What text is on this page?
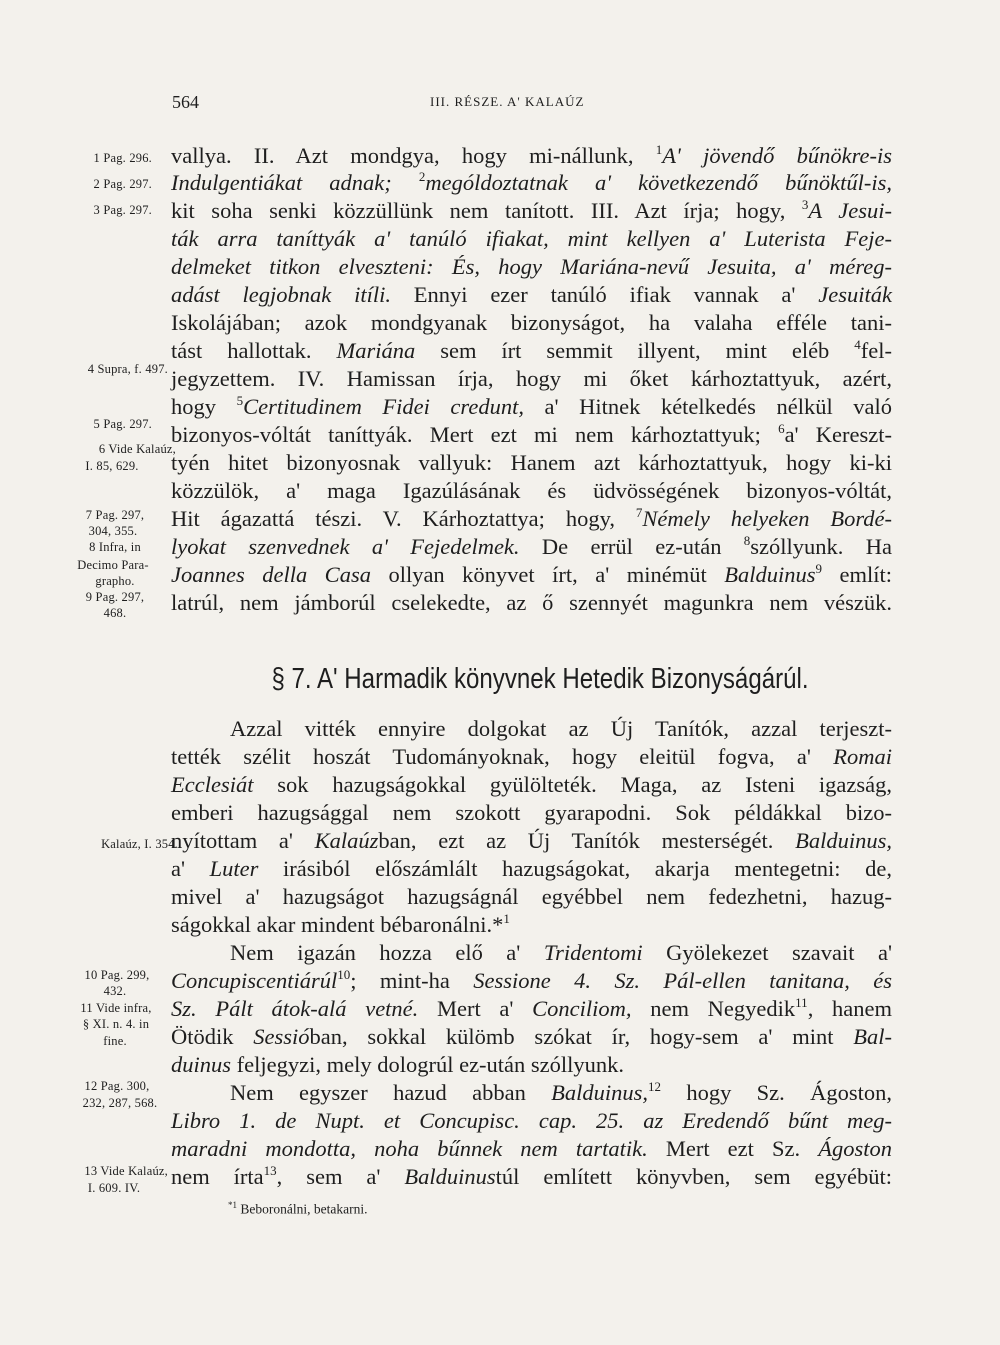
564	III. RÉSZE. A' KALAÚZ
1 Pag. 296.
2 Pag. 297.
3 Pag. 297.
4 Supra, f. 497.
5 Pag. 297.
6 Vide Kalaúz,
I. 85, 629.
7 Pag. 297,
304, 355.
8 Infra, in
Decimo Para-
grapho.
9 Pag. 297,
468.
Kalaúz, I. 354.
10 Pag. 299,
432.
11 Vide infra,
§ XI. n. 4. in
fine.
12 Pag. 300,
232, 287, 568.
13 Vide Kalaúz,
I. 609. IV.
vallya. II. Azt mondgya, hogy mi-nállunk, $^1$A' jövendő bűnökre-is
Indulgentiákat adnak; $^2$mególdoztatnak a' következendő bűnöktűl-is,
kit soha senki közzüllünk nem tanított. III. Azt írja; hogy, $^3$A Jesui-
ták arra taníttyák a' tanúló ifiakat, mint kellyen a' Luterista Feje-
delmeket titkon elveszteni: És, hogy Mariána-nevű Jesuita, a' méreg-
adást legjobnak itíli. Ennyi ezer tanúló ifiak vannak a' Jesuiták
Iskolájában; azok mondgyanak bizonyságot, ha valaha efféle tani-
tást hallottak. Mariána sem írt semmit illyent, mint eléb $^4$fel-
jegyzettem. IV. Hamissan írja, hogy mi őket kárhoztattyuk, azért,
hogy $^5$Certitudinem Fidei credunt, a' Hitnek kételkedés nélkül való
bizonyos-vóltát taníttyák. Mert ezt mi nem kárhoztattyuk; $^6$a' Kereszt-
tyén hitet bizonyosnak vallyuk: Hanem azt kárhoztattyuk, hogy ki-ki
közzülök, a' maga Igazúlásának és üdvösségének bizonyos-vóltát,
Hit ágazattá tészi. V. Kárhoztattya; hogy, $^7$Némely helyeken Bordé-
lyokat szenvednek a' Fejedelmek. De errül ez-után $^8$szóllyunk. Ha
Joannes della Casa ollyan könyvet írt, a' minémüt Balduinus$^9$ említ:
latrúl, nem jámborúl cselekedte, az ő szennyét magunkra nem vészük.
§ 7. A' Harmadik könyvnek Hetedik Bizonyságárúl.
Azzal vitték ennyire dolgokat az Új Tanítók, azzal terjeszt-
tették szélit hoszát Tudományoknak, hogy eleitül fogva, a' Romai
Ecclesiát sok hazugságokkal gyülölteték. Maga, az Isteni igazság,
emberi hazugsággal nem szokott gyarapodni. Sok példákkal bizo-
nyítottam a' Kalaúzban, ezt az Új Tanítók mesterségét. Balduinus,
a' Luter irásiból előszámlált hazugságokat, akarja mentegetni: de,
mivel a' hazugságot hazugságnál egyébbel nem fedezhetni, hazug-
ságokkal akar mindent bébaronálni.*$^1$
Nem igazán hozza elő a' Tridentomi Gyölekezet szavait a'
Concupiscentiárúl$^{10}$; mint-ha Sessione 4. Sz. Pál-ellen tanitana, és
Sz. Pált átok-alá vetné. Mert a' Conciliom, nem Negyedik$^{11}$, hanem
Ötödik Sessióban, sokkal külömb szókat ír, hogy-sem a' mint Bal-
duinus feljegyzi, mely dologrúl ez-után szóllyunk.
Nem egyszer hazud abban Balduinus,$^{12}$ hogy Sz. Ágoston,
Libro 1. de Nupt. et Concupisc. cap. 25. az Eredendő bűnt meg-
maradni mondotta, noha bűnnek nem tartatik. Mert ezt Sz. Ágoston
nem írta$^{13}$, sem a' Balduinustúl említett könyvben, sem egyébüt:
$^{*1}$ Beboronálni, betakarni.
